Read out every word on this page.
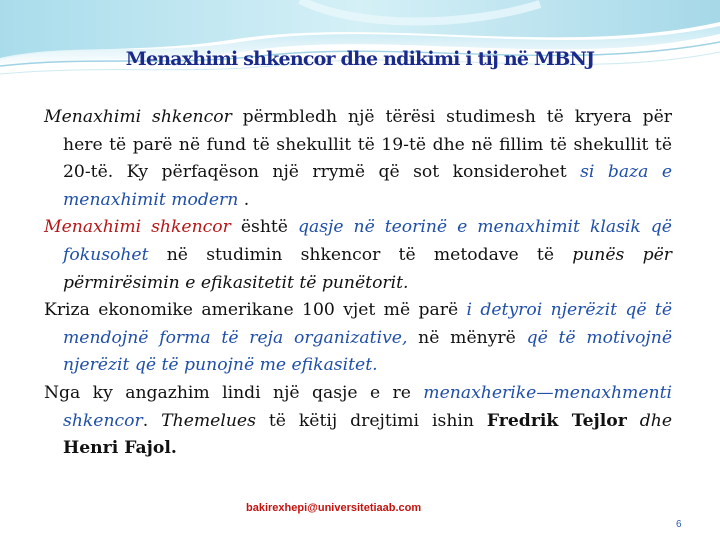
Menaxhimi shkencor dhe ndikimi i tij në MBNJ

Menaxhimi shkencor përmbledh një tërësi studimesh të kryera për here të parë në fund të shekullit të 19-të dhe në fillim të shekullit të 20-të. Ky përfaqëson një rrymë që sot konsiderohet si baza e menaxhimit modern .

Menaxhimi shkencor është qasje në teorinë e menaxhimit klasik që fokusohet në studimin shkencor të metodave të punës për përmirësimin e efikasitetit të punëtorit.

Kriza ekonomike amerikane 100 vjet më parë i detyroi njerëzit që të mendojnë forma të reja organizative, në mënyrë që të motivojnë njerëzit që të punojnë me efikasitet.

Nga ky angazhim lindi një qasje e re menaxherike—menaxhmenti shkencor. Themelues të këtij drejtimi ishin Fredrik Tejlor dhe Henri Fajol.

bakirexhepi@universitetiaab.com
6
